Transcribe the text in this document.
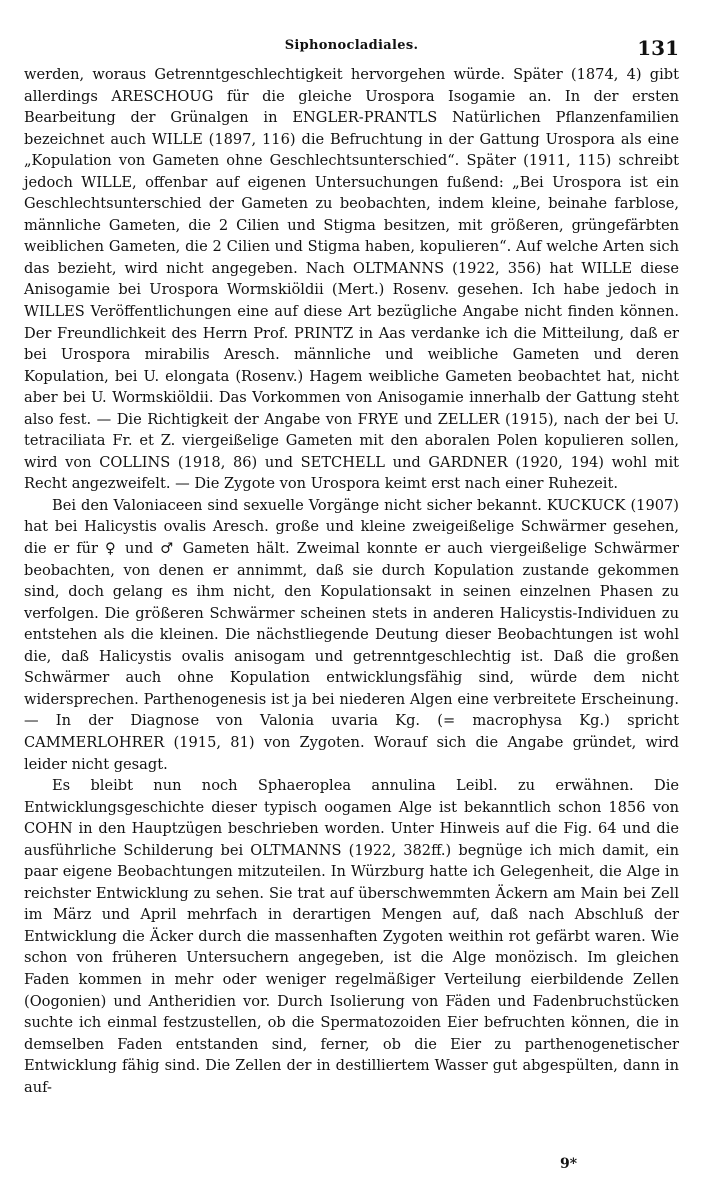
Siphonocladiales.	131

werden, woraus Getrenntgeschlechtigkeit hervorgehen würde. Später (1874, 4) gibt allerdings ARESCHOUG für die gleiche Urospora Isogamie an. In der ersten Bearbeitung der Grünalgen in ENGLER-PRANTLS Natürlichen Pflanzenfamilien bezeichnet auch WILLE (1897, 116) die Befruchtung in der Gattung Urospora als eine „Kopulation von Gameten ohne Geschlechtsunterschied“. Später (1911, 115) schreibt jedoch WILLE, offenbar auf eigenen Untersuchungen fußend: „Bei Urospora ist ein Geschlechtsunterschied der Gameten zu beobachten, indem kleine, beinahe farblose, männliche Gameten, die 2 Cilien und Stigma besitzen, mit größeren, grüngefärbten weiblichen Gameten, die 2 Cilien und Stigma haben, kopulieren“. Auf welche Arten sich das bezieht, wird nicht angegeben. Nach OLTMANNS (1922, 356) hat WILLE diese Anisogamie bei Urospora Wormskiöldii (Mert.) Rosenv. gesehen. Ich habe jedoch in WILLES Veröffentlichungen eine auf diese Art bezügliche Angabe nicht finden können. Der Freundlichkeit des Herrn Prof. PRINTZ in Aas verdanke ich die Mitteilung, daß er bei Urospora mirabilis Aresch. männliche und weibliche Gameten und deren Kopulation, bei U. elongata (Rosenv.) Hagem weibliche Gameten beobachtet hat, nicht aber bei U. Wormskiöldii. Das Vorkommen von Anisogamie innerhalb der Gattung steht also fest. — Die Richtigkeit der Angabe von FRYE und ZELLER (1915), nach der bei U. tetraciliata Fr. et Z. viergeißelige Gameten mit den aboralen Polen kopulieren sollen, wird von COLLINS (1918, 86) und SETCHELL und GARDNER (1920, 194) wohl mit Recht angezweifelt. — Die Zygote von Urospora keimt erst nach einer Ruhezeit.

Bei den Valoniaceen sind sexuelle Vorgänge nicht sicher bekannt. KUCKUCK (1907) hat bei Halicystis ovalis Aresch. große und kleine zweigeißelige Schwärmer gesehen, die er für ♀ und ♂ Gameten hält. Zweimal konnte er auch viergeißelige Schwärmer beobachten, von denen er annimmt, daß sie durch Kopulation zustande gekommen sind, doch gelang es ihm nicht, den Kopulationsakt in seinen einzelnen Phasen zu verfolgen. Die größeren Schwärmer scheinen stets in anderen Halicystis-Individuen zu entstehen als die kleinen. Die nächstliegende Deutung dieser Beobachtungen ist wohl die, daß Halicystis ovalis anisogam und getrenntgeschlechtig ist. Daß die großen Schwärmer auch ohne Kopulation entwicklungsfähig sind, würde dem nicht widersprechen. Parthenogenesis ist ja bei niederen Algen eine verbreitete Erscheinung. — In der Diagnose von Valonia uvaria Kg. (= macrophysa Kg.) spricht CAMMERLOHRER (1915, 81) von Zygoten. Worauf sich die Angabe gründet, wird leider nicht gesagt.

Es bleibt nun noch Sphaeroplea annulina Leibl. zu erwähnen. Die Entwicklungsgeschichte dieser typisch oogamen Alge ist bekanntlich schon 1856 von COHN in den Hauptzügen beschrieben worden. Unter Hinweis auf die Fig. 64 und die ausführliche Schilderung bei OLTMANNS (1922, 382ff.) begnüge ich mich damit, ein paar eigene Beobachtungen mitzuteilen. In Würzburg hatte ich Gelegenheit, die Alge in reichster Entwicklung zu sehen. Sie trat auf überschwemmten Äckern am Main bei Zell im März und April mehrfach in derartigen Mengen auf, daß nach Abschluß der Entwicklung die Äcker durch die massenhaften Zygoten weithin rot gefärbt waren. Wie schon von früheren Untersuchern angegeben, ist die Alge monözisch. Im gleichen Faden kommen in mehr oder weniger regelmäßiger Verteilung eierbildende Zellen (Oogonien) und Antheridien vor. Durch Isolierung von Fäden und Fadenbruchstücken suchte ich einmal festzustellen, ob die Spermatozoiden Eier befruchten können, die in demselben Faden entstanden sind, ferner, ob die Eier zu parthenogenetischer Entwicklung fähig sind. Die Zellen der in destilliertem Wasser gut abgespülten, dann in auf-

9*
